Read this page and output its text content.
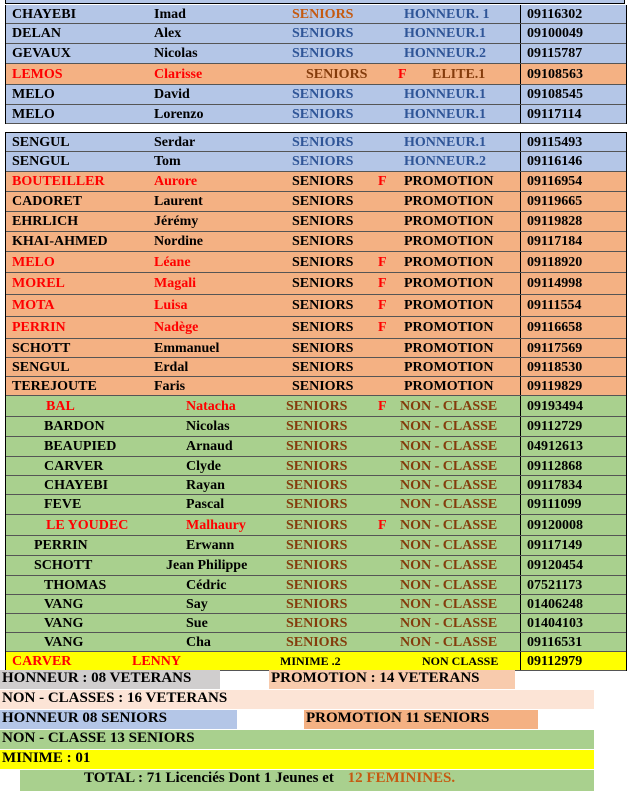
CHAYEBI	Imad	SENIORS	HONNEUR. 1	09116302
DELAN	Alex	SENIORS	HONNEUR.1	09100049
GEVAUX	Nicolas	SENIORS	HONNEUR.2	09115787
LEMOS	Clarisse	SENIORS F ELITE.1	09108563
MELO	David	SENIORS	HONNEUR.1	09108545
MELO	Lorenzo	SENIORS	HONNEUR.1	09117114
SENGUL	Serdar	SENIORS	HONNEUR.1	09115493
SENGUL	Tom	SENIORS	HONNEUR.2	09116146
BOUTEILLER	Aurore	SENIORS F PROMOTION	09116954
CADORET	Laurent	SENIORS	PROMOTION	09119665
EHRLICH	Jérémy	SENIORS	PROMOTION	09119828
KHAI-AHMED	Nordine	SENIORS	PROMOTION	09117184
MELO	Léane	SENIORS F PROMOTION	09118920
MOREL	Magali	SENIORS F PROMOTION	09114998
MOTA	Luisa	SENIORS F PROMOTION	09111554
PERRIN	Nadège	SENIORS F PROMOTION	09116658
SCHOTT	Emmanuel	SENIORS	PROMOTION	09117569
SENGUL	Erdal	SENIORS	PROMOTION	09118530
TEREJOUTE	Faris	SENIORS	PROMOTION	09119829
BAL	Natacha	SENIORS F NON - CLASSE	09193494
BARDON	Nicolas	SENIORS	NON - CLASSE	09112729
BEAUPIED	Arnaud	SENIORS	NON - CLASSE	04912613
CARVER	Clyde	SENIORS	NON - CLASSE	09112868
CHAYEBI	Rayan	SENIORS	NON - CLASSE	09117834
FEVE	Pascal	SENIORS	NON - CLASSE	09111099
LE YOUDEC	Malhaury	SENIORS F NON - CLASSE	09120008
PERRIN	Erwann	SENIORS	NON - CLASSE	09117149
SCHOTT	Jean Philippe	SENIORS	NON - CLASSE	09120454
THOMAS	Cédric	SENIORS	NON - CLASSE	07521173
VANG	Say	SENIORS	NON - CLASSE	01406248
VANG	Sue	SENIORS	NON - CLASSE	01404103
VANG	Cha	SENIORS	NON - CLASSE	09116531
CARVER	LENNY	MINIME .2	NON CLASSE	09112979
HONNEUR : 08 VETERANS	PROMOTION : 14 VETERANS
NON - CLASSES : 16 VETERANS
HONNEUR 08 SENIORS	PROMOTION 11 SENIORS
NON - CLASSE 13 SENIORS
MINIME : 01
TOTAL : 71 Licenciés Dont 1 Jeunes et 12 FEMININES.
